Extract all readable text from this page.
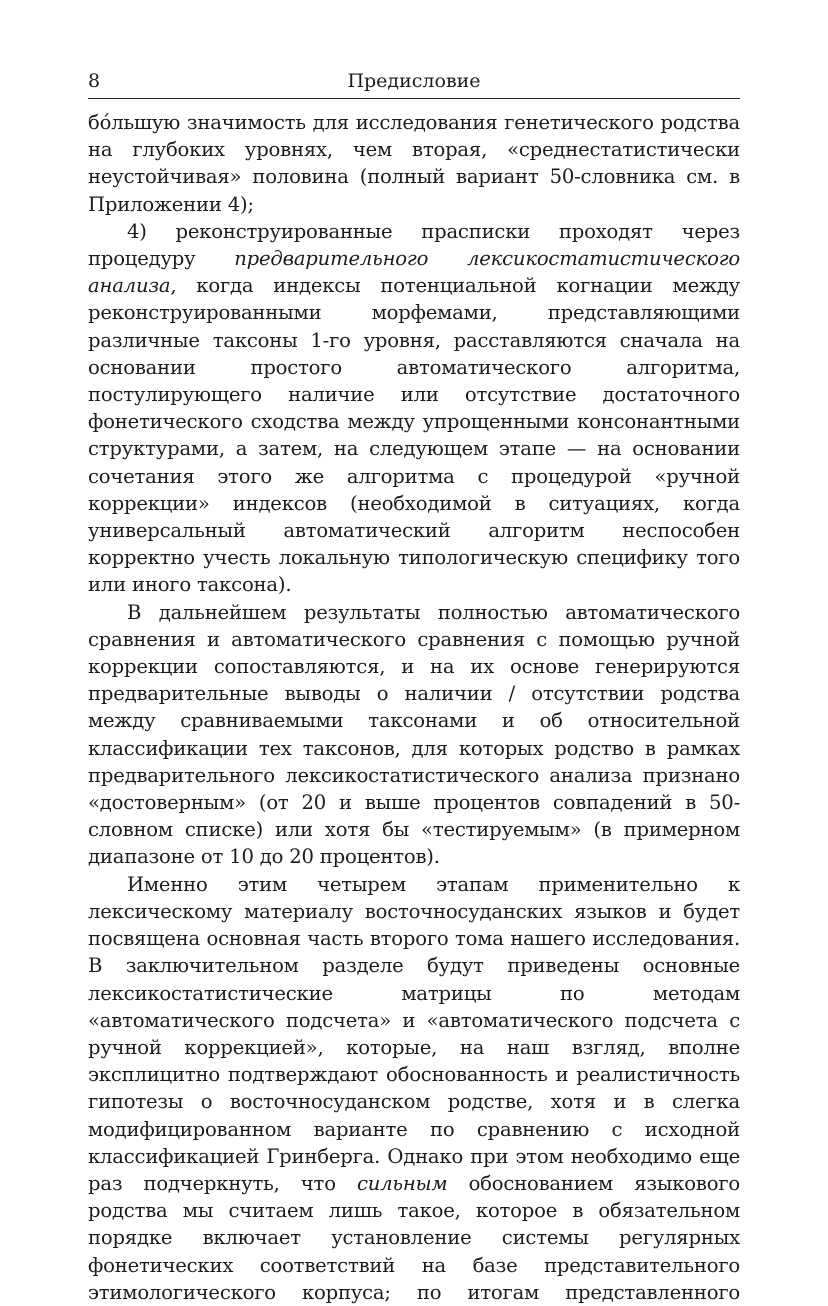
8	Предисловие

бóльшую значимость для исследования генетического родства на глубоких уровнях, чем вторая, «среднестатистически неустойчивая» половина (полный вариант 50-словника см. в Приложении 4);

4) реконструированные праспиcки проходят через процедуру предварительного лексикостатистического анализа, когда индексы потенциальной когнации между реконструированными морфемами, представляющими различные таксоны 1-го уровня, расставляются сначала на основании простого автоматического алгоритма, постулирующего наличие или отсутствие достаточного фонетического сходства между упрощенными консонантными структурами, а затем, на следующем этапе — на основании сочетания этого же алгоритма с процедурой «ручной коррекции» индексов (необходимой в ситуациях, когда универсальный автоматический алгоритм неспособен корректно учесть локальную типологическую специфику того или иного таксона).

В дальнейшем результаты полностью автоматического сравнения и автоматического сравнения с помощью ручной коррекции сопоставляются, и на их основе генерируются предварительные выводы о наличии / отсутствии родства между сравниваемыми таксонами и об относительной классификации тех таксонов, для которых родство в рамках предварительного лексикостатистического анализа признано «достоверным» (от 20 и выше процентов совпадений в 50-словном списке) или хотя бы «тестируемым» (в примерном диапазоне от 10 до 20 процентов).

Именно этим четырем этапам применительно к лексическому материалу восточносуданских языков и будет посвящена основная часть второго тома нашего исследования. В заключительном разделе будут приведены основные лексикостатистические матрицы по методам «автоматического подсчета» и «автоматического подсчета с ручной коррекцией», которые, на наш взгляд, вполне эксплицитно подтверждают обоснованность и реалистичность гипотезы о восточносуданском родстве, хотя и в слегка модифицированном варианте по сравнению с исходной классификацией Гринберга. Однако при этом необходимо еще раз подчеркнуть, что сильным обоснованием языкового родства мы считаем лишь такое, которое в обязательном порядке включает установление системы регулярных фонетических соответствий на базе представительного этимологического корпуса; по итогам представленного
